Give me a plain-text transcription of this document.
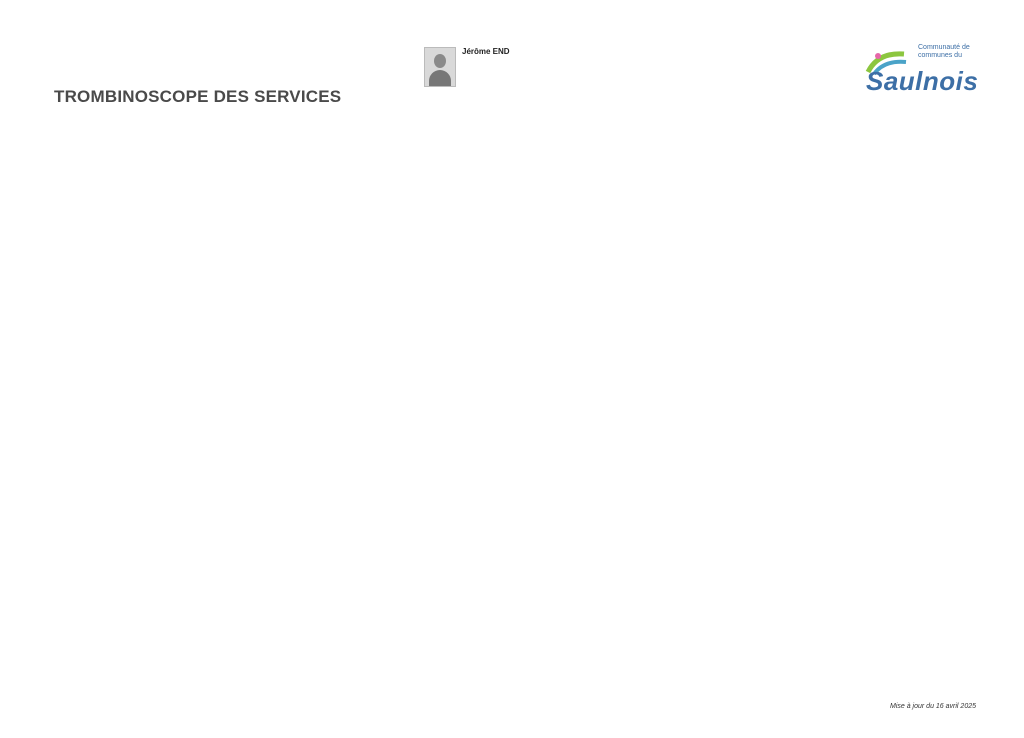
TROMBINOSCOPE DES SERVICES
Communauté de
communes du
Saulnois
Mise à jour du 16 avril 2025
Jérôme END
